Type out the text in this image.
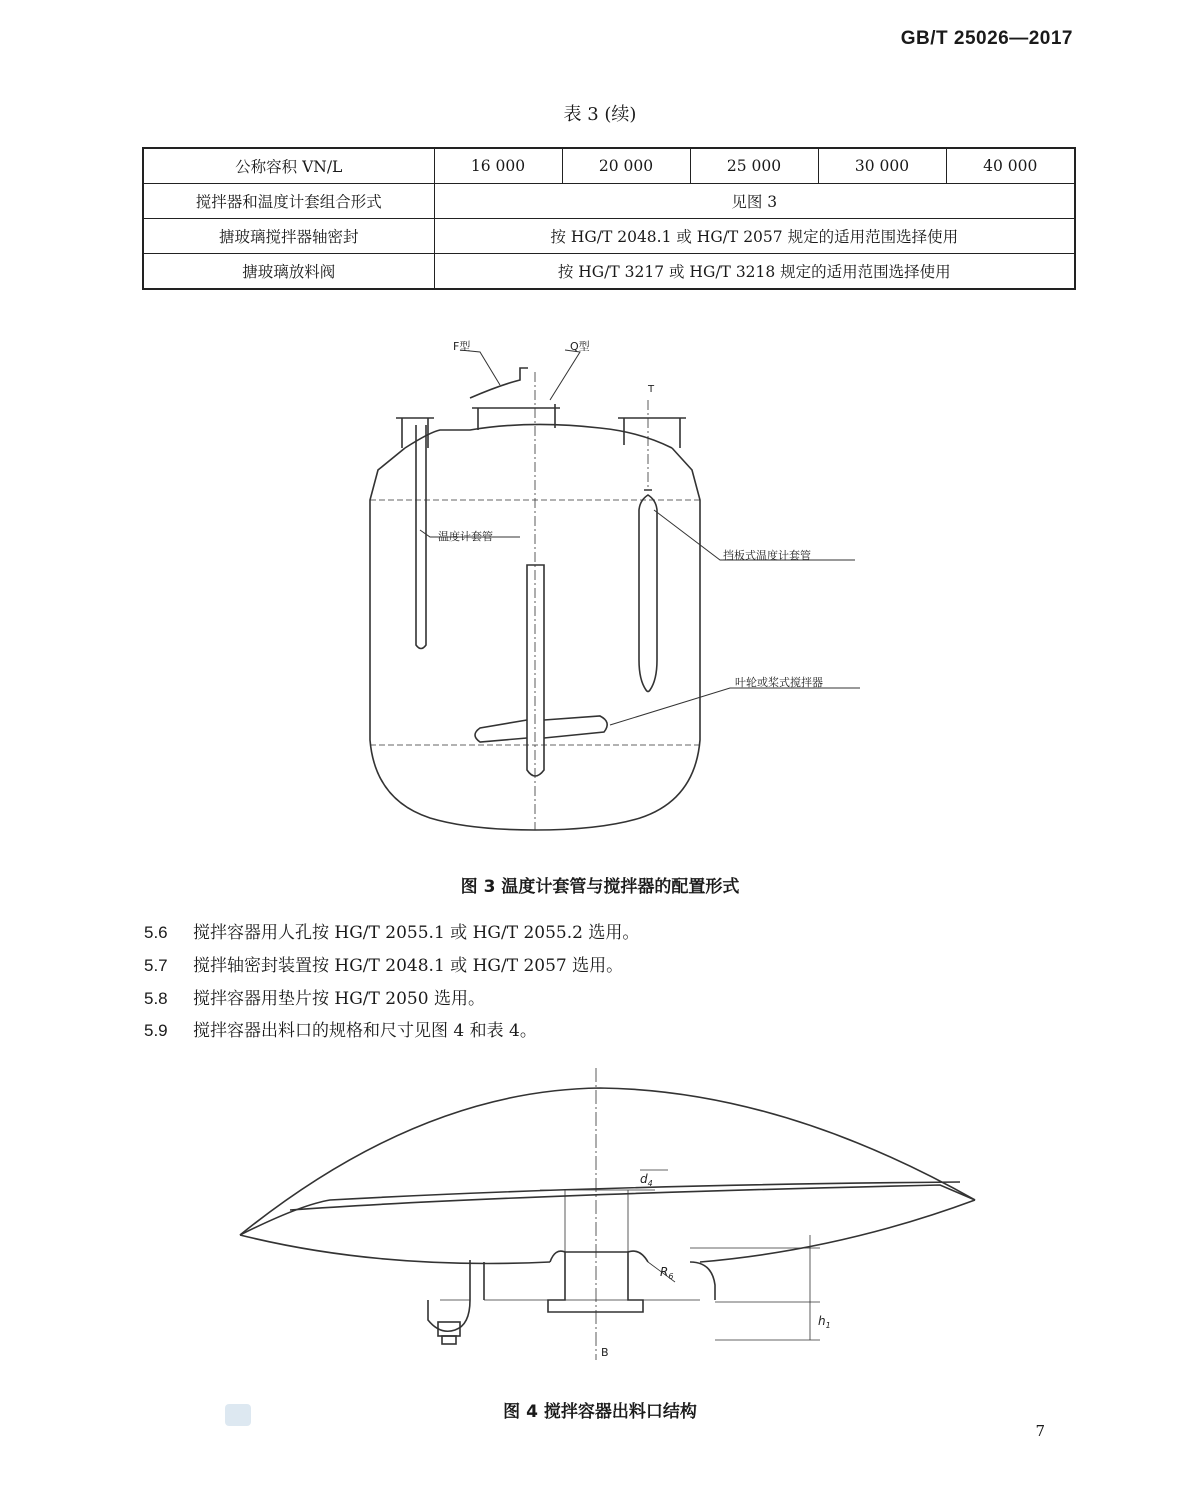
GB/T 25026—2017
表 3 (续)
公称容积 VN/L	16 000	20 000	25 000	30 000	40 000
搅拌器和温度计套组合形式	见图 3				
搪玻璃搅拌器轴密封	按 HG/T 2048.1 或 HG/T 2057 规定的适用范围选择使用				
搪玻璃放料阀	按 HG/T 3217 或 HG/T 3218 规定的适用范围选择使用				
F型	Q型
T
温度计套管
挡板式温度计套管
叶轮或桨式搅拌器
图 3 温度计套管与搅拌器的配置形式
5.6 搅拌容器用人孔按 HG/T 2055.1 或 HG/T 2055.2 选用。
5.7 搅拌轴密封装置按 HG/T 2048.1 或 HG/T 2057 选用。
5.8 搅拌容器用垫片按 HG/T 2050 选用。
5.9 搅拌容器出料口的规格和尺寸见图 4 和表 4。
$d_4$
$R_6$
$h_1$
B
图 4 搅拌容器出料口结构
7
